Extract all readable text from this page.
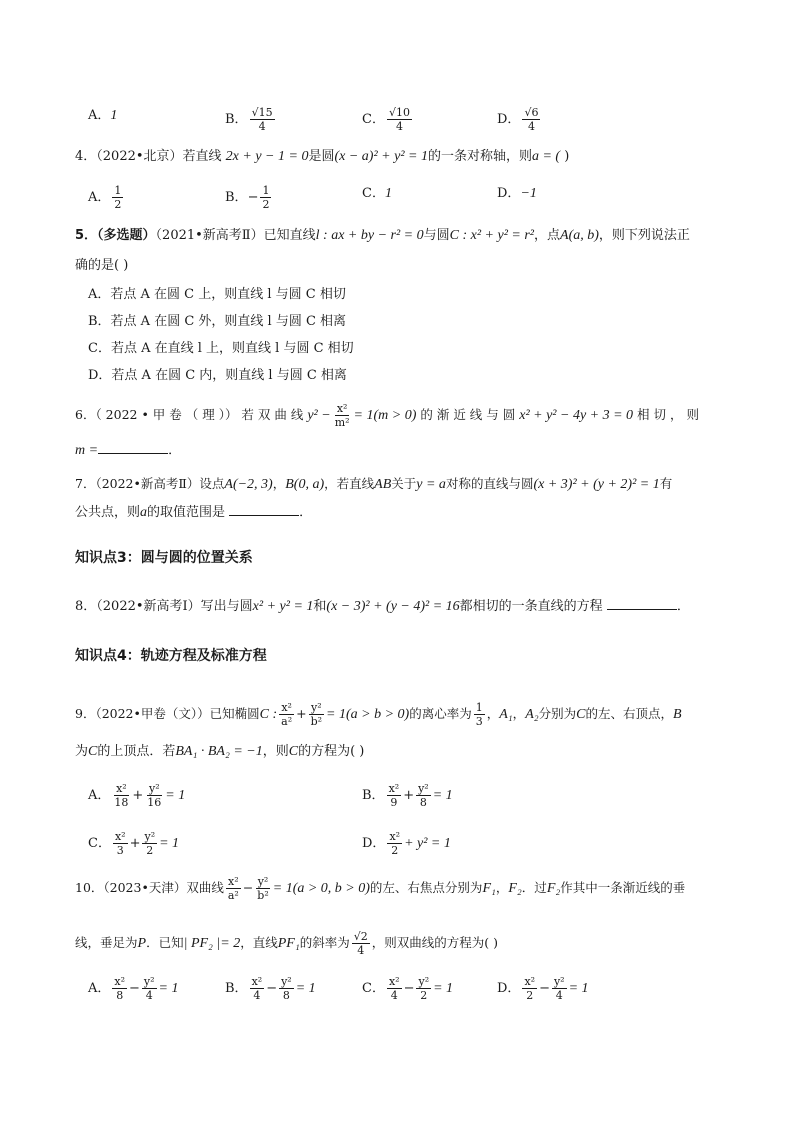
A．1	B． $\frac{√15}{4}$	C． $\frac{√10}{4}$	D． $\frac{√6}{4}$
4．（2022•北京）若直线 2x + y − 1 = 0是圆(x − a)² + y² = 1的一条对称轴，则a = ( )
A． $\frac{1}{2}$	B．− $\frac{1}{2}$	C．1	D．−1
5．（多选题）（2021•新高考Ⅱ）已知直线l : ax + by − r² = 0与圆C : x² + y² = r²，点A(a, b)，则下列说法正
确的是( )
A．若点 A 在圆 C 上，则直线 l 与圆 C 相切
B．若点 A 在圆 C 外，则直线 l 与圆 C 相离
C．若点 A 在直线 l 上，则直线 l 与圆 C 相切
D．若点 A 在圆 C 内，则直线 l 与圆 C 相离
6．（ 2022 • 甲 卷 （ 理 ）） 若 双 曲 线 $y^2 - \frac{\text{x²}}{\text{m²}} = 1(m > 0)$ 的 渐 近 线 与 圆 x² + y² − 4y + 3 = 0 相 切 ， 则
m =	．
7．（2022•新高考Ⅱ）设点A(−2, 3)，B(0, a)，若直线AB关于y = a对称的直线与圆(x + 3)² + (y + 2)² = 1有
公共点，则a的取值范围是	．
知识点3：圆与圆的位置关系
8．（2022•新高考Ⅰ）写出与圆x² + y² = 1和(x − 3)² + (y − 4)² = 16都相切的一条直线的方程	．
知识点4：轨迹方程及标准方程
9．（2022•甲卷（文））已知椭圆C : $\frac{\text{x²}}{\text{a²}} + \frac{\text{y²}}{\text{b²}} = 1(a > b > 0)$的离心率为 $\frac{1}{3}$ ，A₁，A₂分别为C的左、右顶点，B
为C的上顶点．若BA₁ · BA₂ = −1，则C的方程为( )
A． $\frac{\text{x²}}{18} + \frac{\text{y²}}{16} = 1$	B． $\frac{\text{x²}}{9} + \frac{\text{y²}}{8} = 1$
C． $\frac{\text{x²}}{3} + \frac{\text{y²}}{2} = 1$	D． $\frac{\text{x²}}{2} + y^2 = 1$
10．（2023•天津）双曲线 $\frac{\text{x²}}{\text{a²}} - \frac{\text{y²}}{\text{b²}} = 1(a > 0$, b > 0)的左、右焦点分别为F₁，F₂．过F₂作其中一条渐近线的垂
线，垂足为P．已知| PF₂ |= 2，直线PF₁的斜率为 $\frac{√2}{4}$ ，则双曲线的方程为( )
A． $\frac{\text{x²}}{8} - \frac{\text{y²}}{4} = 1$	B． $\frac{\text{x²}}{4} - \frac{\text{y²}}{8} = 1$	C． $\frac{\text{x²}}{4} - \frac{\text{y²}}{2} = 1$	D． $\frac{\text{x²}}{2} - \frac{\text{y²}}{4} = 1$
